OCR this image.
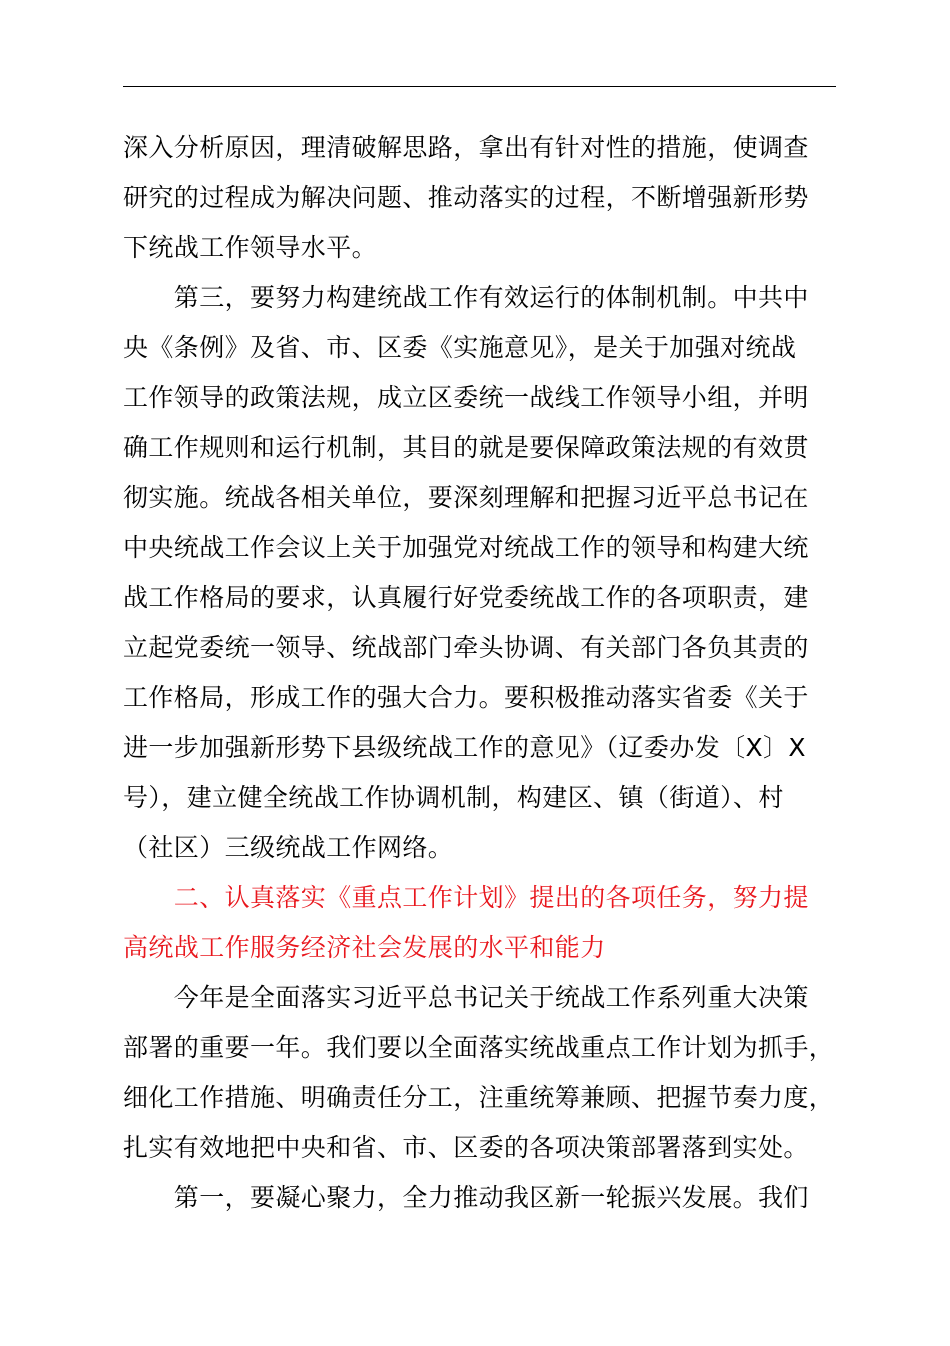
深入分析原因，理清破解思路，拿出有针对性的措施，使调查
研究的过程成为解决问题、推动落实的过程，不断增强新形势
下统战工作领导水平。
　　第三，要努力构建统战工作有效运行的体制机制。中共中
央《条例》及省、市、区委《实施意见》，是关于加强对统战
工作领导的政策法规，成立区委统一战线工作领导小组，并明
确工作规则和运行机制，其目的就是要保障政策法规的有效贯
彻实施。统战各相关单位，要深刻理解和把握习近平总书记在
中央统战工作会议上关于加强党对统战工作的领导和构建大统
战工作格局的要求，认真履行好党委统战工作的各项职责，建
立起党委统一领导、统战部门牵头协调、有关部门各负其责的
工作格局，形成工作的强大合力。要积极推动落实省委《关于
进一步加强新形势下县级统战工作的意见》（辽委办发〔X〕X
号），建立健全统战工作协调机制，构建区、镇（街道）、村
（社区）三级统战工作网络。
　　二、认真落实《重点工作计划》提出的各项任务，努力提
高统战工作服务经济社会发展的水平和能力
　　今年是全面落实习近平总书记关于统战工作系列重大决策
部署的重要一年。我们要以全面落实统战重点工作计划为抓手，
细化工作措施、明确责任分工，注重统筹兼顾、把握节奏力度，
扎实有效地把中央和省、市、区委的各项决策部署落到实处。
　　第一，要凝心聚力，全力推动我区新一轮振兴发展。我们
